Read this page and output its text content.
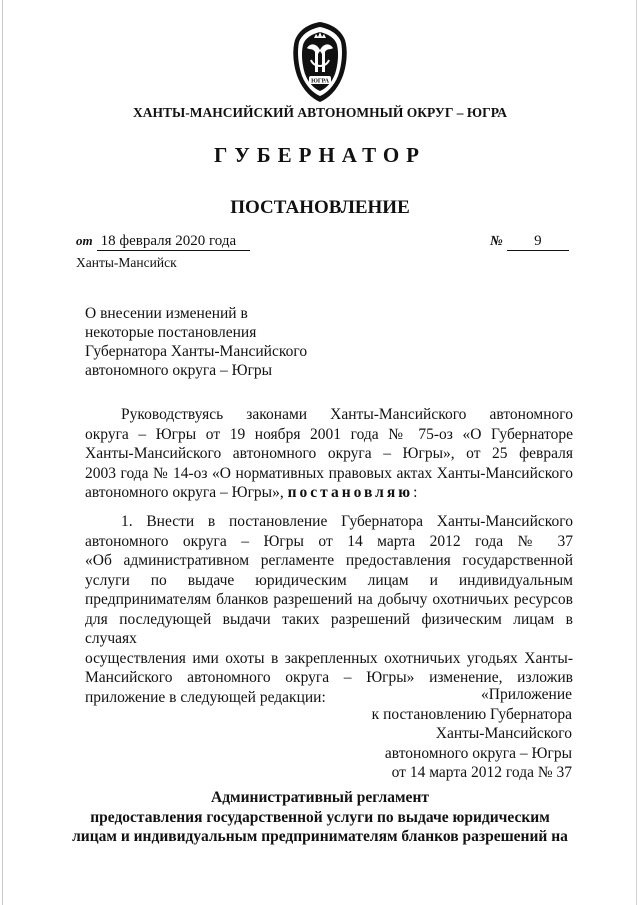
ЮГРА
ХАНТЫ-МАНСИЙСКИЙ АВТОНОМНЫЙ ОКРУГ – ЮГРА
ГУБЕРНАТОР
ПОСТАНОВЛЕНИЕ
от 18 февраля 2020 года	№ 9
Ханты-Мансийск
О внесении изменений в
некоторые постановления
Губернатора Ханты-Мансийского
автономного округа – Югры
Руководствуясь законами Ханты-Мансийского автономного
округа – Югры от 19 ноября 2001 года № 75-оз «О Губернаторе
Ханты-Мансийского автономного округа – Югры», от 25 февраля
2003 года № 14-оз «О нормативных правовых актах Ханты-Мансийского
автономного округа – Югры», постановляю:
1. Внести в постановление Губернатора Ханты-Мансийского
автономного округа – Югры от 14 марта 2012 года № 37
«Об административном регламенте предоставления государственной
услуги по выдаче юридическим лицам и индивидуальным
предпринимателям бланков разрешений на добычу охотничьих ресурсов
для последующей выдачи таких разрешений физическим лицам в случаях
осуществления ими охоты в закрепленных охотничьих угодьях Ханты-
Мансийского автономного округа – Югры» изменение, изложив
приложение в следующей редакции:	«Приложение
к постановлению Губернатора
Ханты-Мансийского
автономного округа – Югры
от 14 марта 2012 года № 37
Административный регламент
предоставления государственной услуги по выдаче юридическим
лицам и индивидуальным предпринимателям бланков разрешений на
